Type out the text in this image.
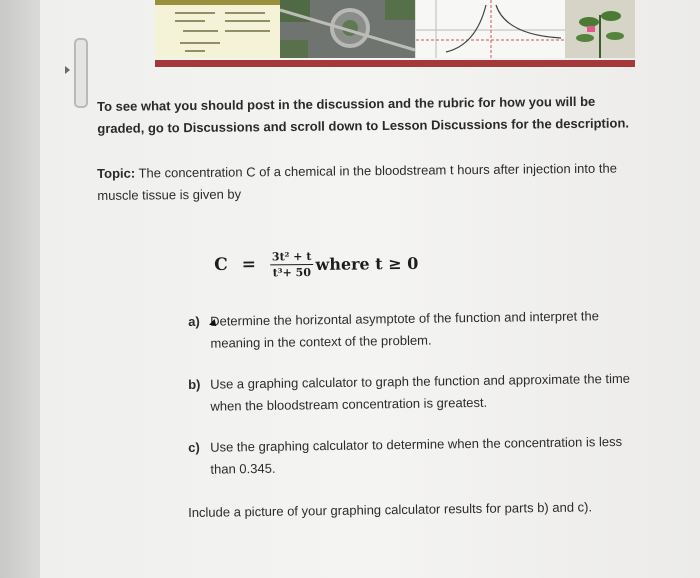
To see what you should post in the discussion and the rubric for how you will be graded, go to Discussions and scroll down to Lesson Discussions for the description.
Topic: The concentration C of a chemical in the bloodstream t hours after injection into the muscle tissue is given by
$C = \frac{\text{3t² + t}}{\text{t³+ 50}}$ where t ≥ 0
a) Determine the horizontal asymptote of the function and interpret the meaning in the context of the problem.
b) Use a graphing calculator to graph the function and approximate the time when the bloodstream concentration is greatest.
c) Use the graphing calculator to determine when the concentration is less than 0.345.
Include a picture of your graphing calculator results for parts b) and c).
